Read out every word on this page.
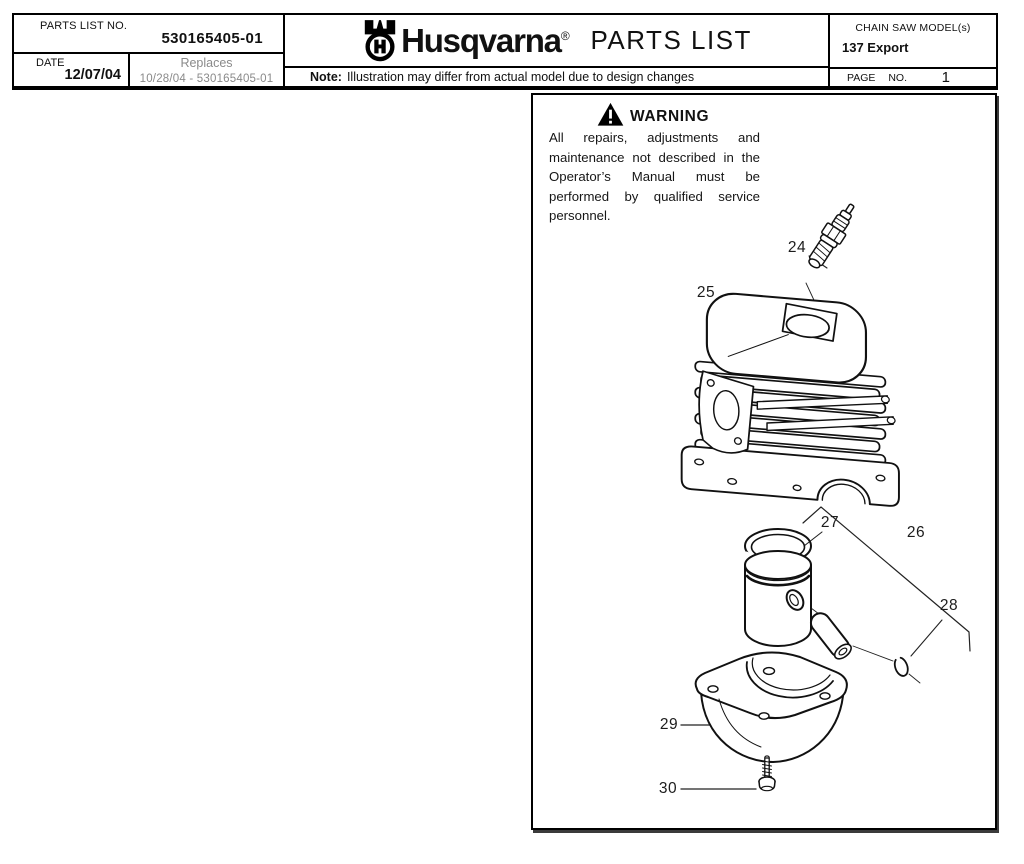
PARTS LIST NO.
530165405-01
DATE
12/07/04
Replaces
10/28/04 - 530165405-01
Husqvarna® PARTS LIST
Note: Illustration may differ from actual model due to design changes
CHAIN SAW MODEL(s)
137 Export
PAGE NO. 1
WARNING
All repairs, adjustments and maintenance not described in the Operator’s Manual must be performed by qualified service personnel.
24
25
26
27
28
29
30
